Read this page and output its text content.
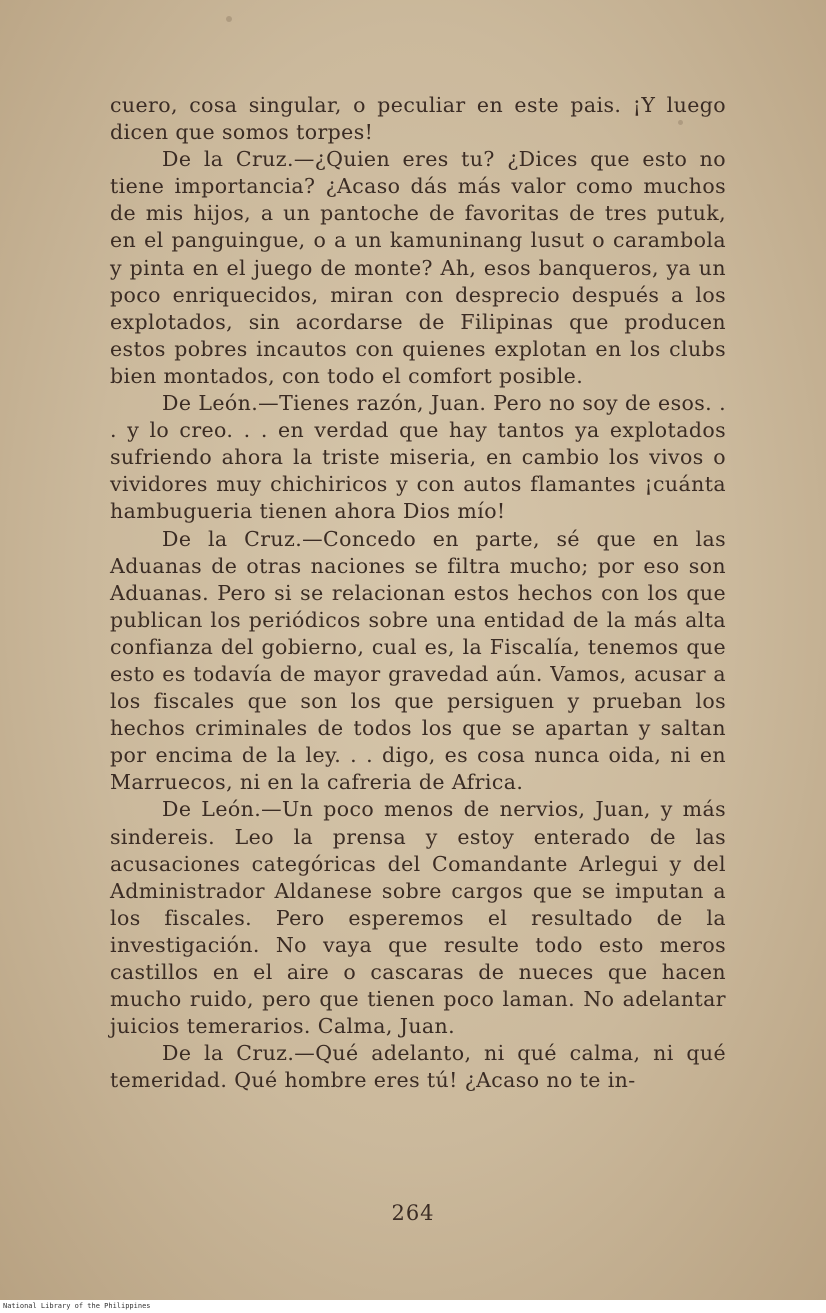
cuero, cosa singular, o peculiar en este pais. ¡Y luego dicen que somos torpes!

De la Cruz.—¿Quien eres tu? ¿Dices que esto no tiene importancia? ¿Acaso dás más valor como muchos de mis hijos, a un pantoche de favoritas de tres putuk, en el panguingue, o a un kamuninang lusut o carambola y pinta en el juego de monte? Ah, esos banqueros, ya un poco enriquecidos, miran con desprecio después a los explotados, sin acordarse de Filipinas que producen estos pobres incautos con quienes explotan en los clubs bien montados, con todo el comfort posible.

De León.—Tienes razón, Juan. Pero no soy de esos. . . y lo creo. . . en verdad que hay tantos ya explotados sufriendo ahora la triste miseria, en cambio los vivos o vividores muy chichiricos y con autos flamantes ¡cuánta hambugueria tienen ahora Dios mío!

De la Cruz.—Concedo en parte, sé que en las Aduanas de otras naciones se filtra mucho; por eso son Aduanas. Pero si se relacionan estos hechos con los que publican los periódicos sobre una entidad de la más alta confianza del gobierno, cual es, la Fiscalía, tenemos que esto es todavía de mayor gravedad aún. Vamos, acusar a los fiscales que son los que persiguen y prueban los hechos criminales de todos los que se apartan y saltan por encima de la ley. . . digo, es cosa nunca oida, ni en Marruecos, ni en la cafreria de Africa.

De León.—Un poco menos de nervios, Juan, y más sindereis. Leo la prensa y estoy enterado de las acusaciones categóricas del Comandante Arlegui y del Administrador Aldanese sobre cargos que se imputan a los fiscales. Pero esperemos el resultado de la investigación. No vaya que resulte todo esto meros castillos en el aire o cascaras de nueces que hacen mucho ruido, pero que tienen poco laman. No adelantar juicios temerarios. Calma, Juan.

De la Cruz.—Qué adelanto, ni qué calma, ni qué temeridad. Qué hombre eres tú! ¿Acaso no te in-

264
National Library of the Philippines
